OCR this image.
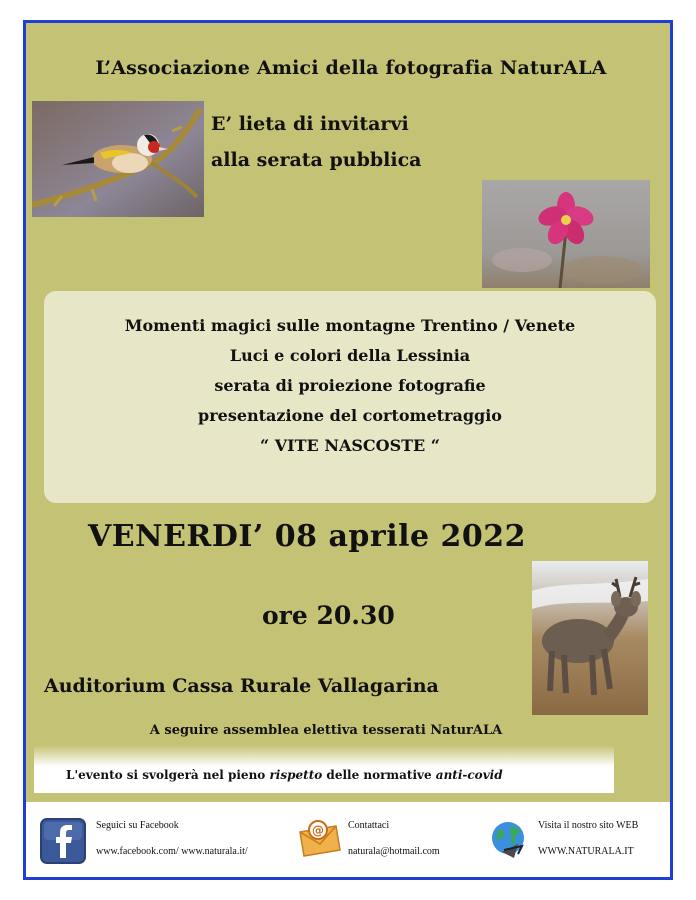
L’Associazione Amici della fotografia NaturALA
E’ lieta di invitarvi
alla serata pubblica
Momenti magici sulle montagne Trentino / Venete
Luci e colori della Lessinia
serata di proiezione fotografie
presentazione del cortometraggio
“ VITE NASCOSTE “
VENERDI’ 08 aprile 2022
ore 20.30
Auditorium Cassa Rurale Vallagarina
A seguire assemblea elettiva tesserati NaturALA
L'evento si svolgerà nel pieno rispetto delle normative anti-covid
Seguici su Facebook
www.facebook.com/ www.naturala.it/
@ Contattaci
naturala@hotmail.com
Visita il nostro sito WEB
WWW.NATURALA.IT
